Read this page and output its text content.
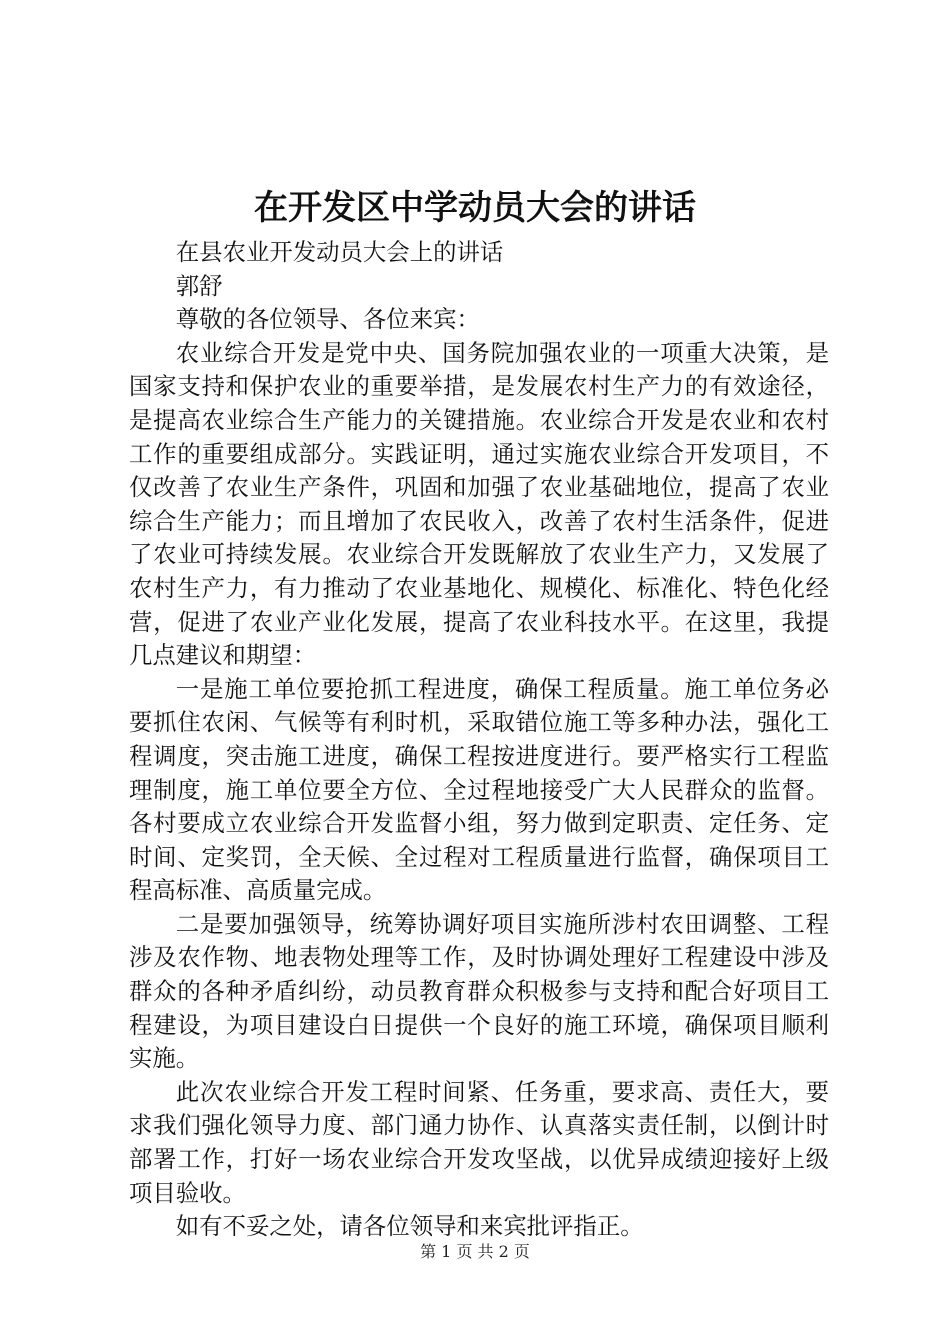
在开发区中学动员大会的讲话

在县农业开发动员大会上的讲话

郭舒

尊敬的各位领导、各位来宾：

农业综合开发是党中央、国务院加强农业的一项重大决策，是国家支持和保护农业的重要举措，是发展农村生产力的有效途径，是提高农业综合生产能力的关键措施。农业综合开发是农业和农村工作的重要组成部分。实践证明，通过实施农业综合开发项目，不仅改善了农业生产条件，巩固和加强了农业基础地位，提高了农业综合生产能力；而且增加了农民收入，改善了农村生活条件，促进了农业可持续发展。农业综合开发既解放了农业生产力，又发展了农村生产力，有力推动了农业基地化、规模化、标准化、特色化经营，促进了农业产业化发展，提高了农业科技水平。在这里，我提几点建议和期望：

一是施工单位要抢抓工程进度，确保工程质量。施工单位务必要抓住农闲、气候等有利时机，采取错位施工等多种办法，强化工程调度，突击施工进度，确保工程按进度进行。要严格实行工程监理制度，施工单位要全方位、全过程地接受广大人民群众的监督。各村要成立农业综合开发监督小组，努力做到定职责、定任务、定时间、定奖罚，全天候、全过程对工程质量进行监督，确保项目工程高标准、高质量完成。

二是要加强领导，统筹协调好项目实施所涉村农田调整、工程涉及农作物、地表物处理等工作，及时协调处理好工程建设中涉及群众的各种矛盾纠纷，动员教育群众积极参与支持和配合好项目工程建设，为项目建设白日提供一个良好的施工环境，确保项目顺利实施。

此次农业综合开发工程时间紧、任务重，要求高、责任大，要求我们强化领导力度、部门通力协作、认真落实责任制，以倒计时部署工作，打好一场农业综合开发攻坚战，以优异成绩迎接好上级项目验收。

如有不妥之处，请各位领导和来宾批评指正。

第 1 页 共 2 页
